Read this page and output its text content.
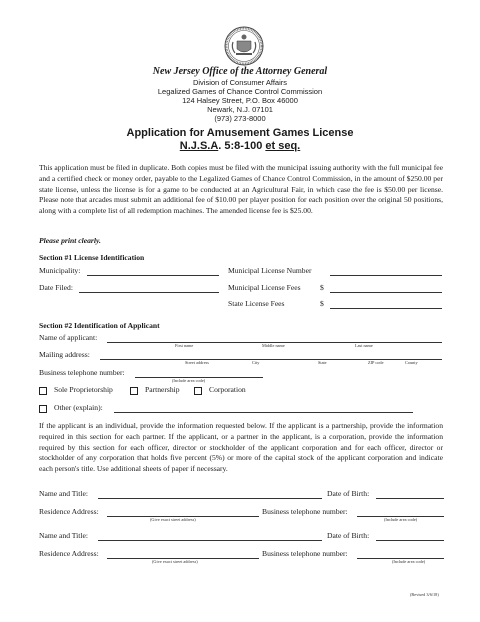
New Jersey Office of the Attorney General
Division of Consumer Affairs
Legalized Games of Chance Control Commission
124 Halsey Street, P.O. Box 46000
Newark, N.J. 07101
(973) 273-8000
Application for Amusement Games License
N.J.S.A. 5:8-100 et seq.
This application must be filed in duplicate. Both copies must be filed with the municipal issuing authority with the full municipal fee and a certified check or money order, payable to the Legalized Games of Chance Control Commission, in the amount of $250.00 per state license, unless the license is for a game to be conducted at an Agricultural Fair, in which case the fee is $50.00 per license. Please note that arcades must submit an additional fee of $10.00 per player position for each position over the original 50 positions, along with a complete list of all redemption machines. The amended license fee is $25.00.
Please print clearly.
Section #1 License Identification
Municipality:	Municipal License Number
Date Filed:	Municipal License Fees	$
State License Fees	$
Section #2 Identification of Applicant
Name of applicant:
First name	Middle name	Last name
Mailing address:
Street address	City	State	ZIP code	County
Business telephone number:
(Include area code)
Sole Proprietorship	Partnership	Corporation
Other (explain):
If the applicant is an individual, provide the information requested below. If the applicant is a partnership, provide the information required in this section for each partner. If the applicant, or a partner in the applicant, is a corporation, provide the information required by this section for each officer, director or stockholder of the applicant corporation and for each officer, director or stockholder of any corporation that holds five percent (5%) or more of the capital stock of the applicant corporation and indicate each person's title. Use additional sheets of paper if necessary.
Name and Title:	Date of Birth:
Residence Address:
(Give exact street address)
Business telephone number:
(Include area code)
Name and Title:	Date of Birth:
Residence Address:
(Give exact street address)
Business telephone number:
(Include area code)
(Revised 3/6/18)
